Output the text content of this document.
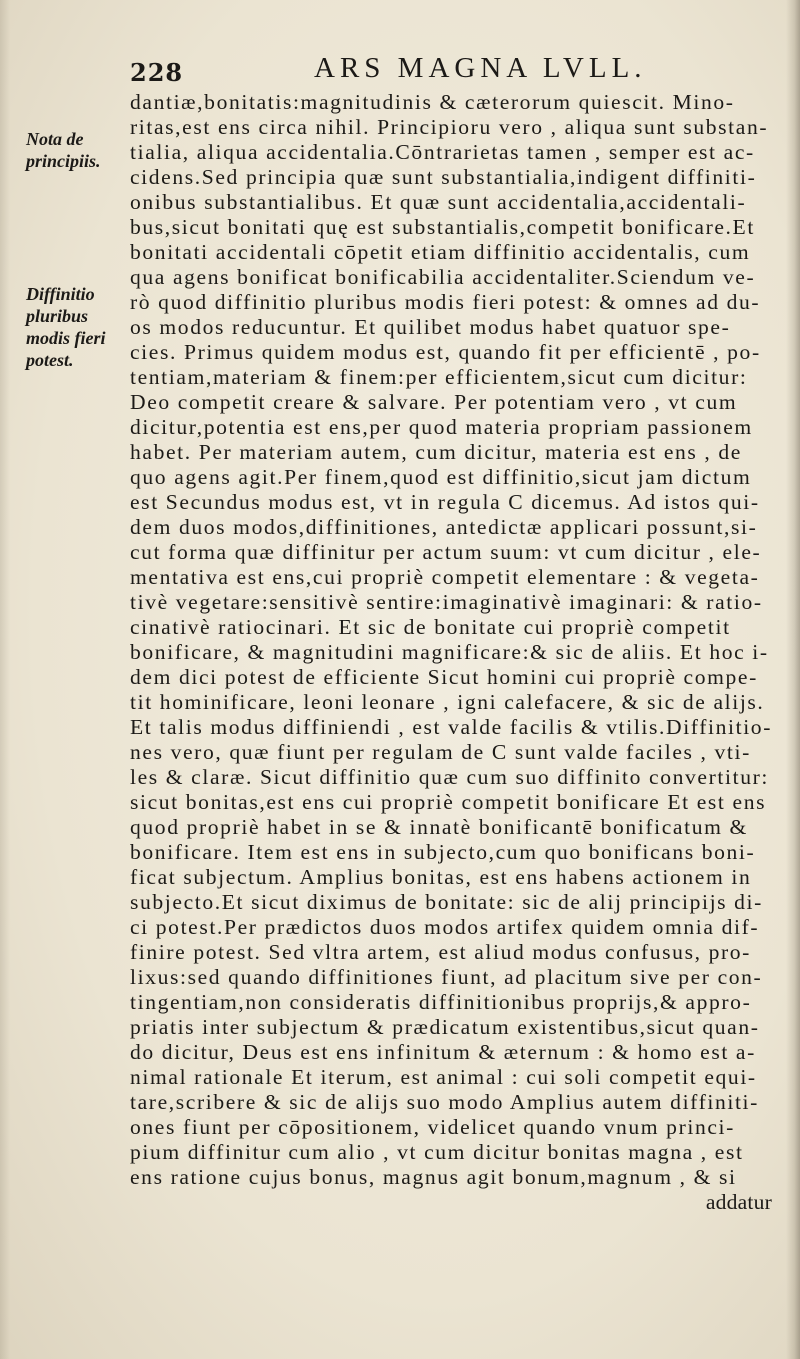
228	ARS MAGNA LVLL.
Nota de
principiis.
Diffinitio
pluribus
modis fieri
potest.
dantiæ,bonitatis:magnitudinis & cæterorum quiescit. Mino-
ritas,est ens circa nihil. Principioru vero , aliqua sunt substan-
tialia, aliqua accidentalia.Cōntrarietas tamen , semper est ac-
cidens.Sed principia quæ sunt substantialia,indigent diffiniti-
onibus substantialibus. Et quæ sunt accidentalia,accidentali-
bus,sicut bonitati quę est substantialis,competit bonificare.Et
bonitati accidentali cōpetit etiam diffinitio accidentalis, cum
qua agens bonificat bonificabilia accidentaliter.Sciendum ve-
rò quod diffinitio pluribus modis fieri potest: & omnes ad du-
os modos reducuntur. Et quilibet modus habet quatuor spe-
cies. Primus quidem modus est, quando fit per efficientē , po-
tentiam,materiam & finem:per efficientem,sicut cum dicitur:
Deo competit creare & salvare. Per potentiam vero , vt cum
dicitur,potentia est ens,per quod materia propriam passionem
habet. Per materiam autem, cum dicitur, materia est ens , de
quo agens agit.Per finem,quod est diffinitio,sicut jam dictum
est Secundus modus est, vt in regula C dicemus. Ad istos qui-
dem duos modos,diffinitiones, antedictæ applicari possunt,si-
cut forma quæ diffinitur per actum suum: vt cum dicitur , ele-
mentativa est ens,cui propriè competit elementare : & vegeta-
tivè vegetare:sensitivè sentire:imaginativè imaginari: & ratio-
cinativè ratiocinari. Et sic de bonitate cui propriè competit
bonificare, & magnitudini magnificare:& sic de aliis. Et hoc i-
dem dici potest de efficiente Sicut homini cui propriè compe-
tit hominificare, leoni leonare , igni calefacere, & sic de alijs.
Et talis modus diffiniendi , est valde facilis & vtilis.Diffinitio-
nes vero, quæ fiunt per regulam de C sunt valde faciles , vti-
les & claræ. Sicut diffinitio quæ cum suo diffinito convertitur:
sicut bonitas,est ens cui propriè competit bonificare Et est ens
quod propriè habet in se & innatè bonificantē bonificatum &
bonificare. Item est ens in subjecto,cum quo bonificans boni-
ficat subjectum. Amplius bonitas, est ens habens actionem in
subjecto.Et sicut diximus de bonitate: sic de alij principijs di-
ci potest.Per prædictos duos modos artifex quidem omnia dif-
finire potest. Sed vltra artem, est aliud modus confusus, pro-
lixus:sed quando diffinitiones fiunt, ad placitum sive per con-
tingentiam,non consideratis diffinitionibus proprijs,& appro-
priatis inter subjectum & prædicatum existentibus,sicut quan-
do dicitur, Deus est ens infinitum & æternum : & homo est a-
nimal rationale Et iterum, est animal : cui soli competit equi-
tare,scribere & sic de alijs suo modo Amplius autem diffiniti-
ones fiunt per cōpositionem, videlicet quando vnum princi-
pium diffinitur cum alio , vt cum dicitur bonitas magna , est
ens ratione cujus bonus, magnus agit bonum,magnum , & si
addatur
